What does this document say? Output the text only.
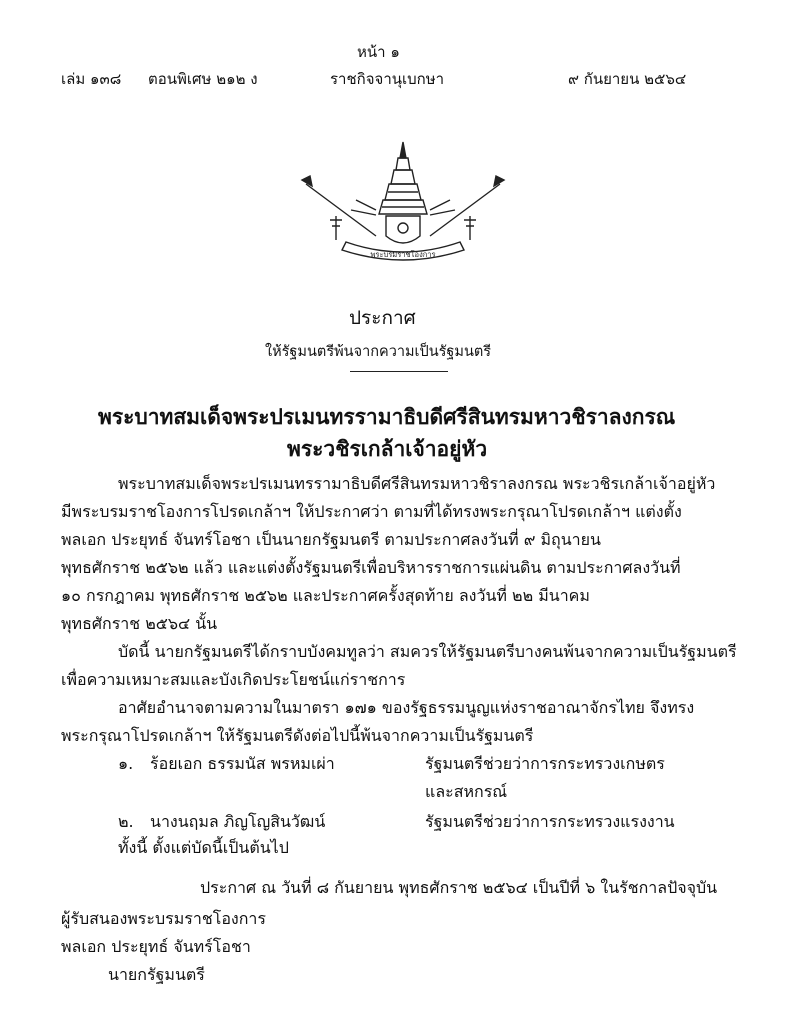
หน้า ๑
เล่ม ๑๓๘ ตอนพิเศษ ๒๑๒ ง	ราชกิจจานุเบกษา	๙ กันยายน ๒๕๖๔
พระบรมราชโองการ
ประกาศ
ให้รัฐมนตรีพ้นจากความเป็นรัฐมนตรี
พระบาทสมเด็จพระปรเมนทรรามาธิบดีศรีสินทรมหาวชิราลงกรณ
พระวชิรเกล้าเจ้าอยู่หัว
พระบาทสมเด็จพระปรเมนทรรามาธิบดีศรีสินทรมหาวชิราลงกรณ พระวชิรเกล้าเจ้าอยู่หัว
มีพระบรมราชโองการโปรดเกล้าฯ ให้ประกาศว่า ตามที่ได้ทรงพระกรุณาโปรดเกล้าฯ แต่งตั้ง
พลเอก ประยุทธ์ จันทร์โอชา เป็นนายกรัฐมนตรี ตามประกาศลงวันที่ ๙ มิถุนายน
พุทธศักราช ๒๕๖๒ แล้ว และแต่งตั้งรัฐมนตรีเพื่อบริหารราชการแผ่นดิน ตามประกาศลงวันที่
๑๐ กรกฎาคม พุทธศักราช ๒๕๖๒ และประกาศครั้งสุดท้าย ลงวันที่ ๒๒ มีนาคม
พุทธศักราช ๒๕๖๔ นั้น
บัดนี้ นายกรัฐมนตรีได้กราบบังคมทูลว่า สมควรให้รัฐมนตรีบางคนพ้นจากความเป็นรัฐมนตรี
เพื่อความเหมาะสมและบังเกิดประโยชน์แก่ราชการ
อาศัยอำนาจตามความในมาตรา ๑๗๑ ของรัฐธรรมนูญแห่งราชอาณาจักรไทย จึงทรง
พระกรุณาโปรดเกล้าฯ ให้รัฐมนตรีดังต่อไปนี้พ้นจากความเป็นรัฐมนตรี
๑. ร้อยเอก ธรรมนัส พรหมเผ่า	รัฐมนตรีช่วยว่าการกระทรวงเกษตร
และสหกรณ์
๒. นางนฤมล ภิญโญสินวัฒน์	รัฐมนตรีช่วยว่าการกระทรวงแรงงาน
ทั้งนี้ ตั้งแต่บัดนี้เป็นต้นไป
ประกาศ ณ วันที่ ๘ กันยายน พุทธศักราช ๒๕๖๔ เป็นปีที่ ๖ ในรัชกาลปัจจุบัน
ผู้รับสนองพระบรมราชโองการ
พลเอก ประยุทธ์ จันทร์โอชา
นายกรัฐมนตรี
